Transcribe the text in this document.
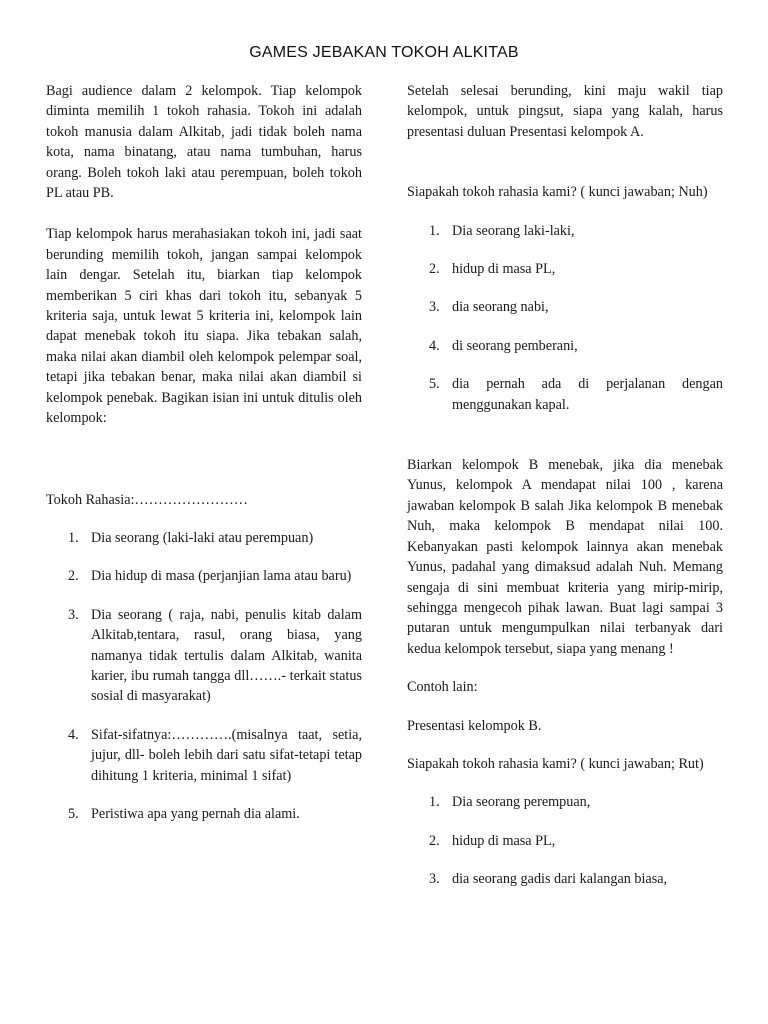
GAMES JEBAKAN TOKOH ALKITAB

Bagi audience dalam 2 kelompok. Tiap kelompok diminta memilih 1 tokoh rahasia. Tokoh ini adalah tokoh manusia dalam Alkitab, jadi tidak boleh nama kota, nama binatang, atau nama tumbuhan, harus orang. Boleh tokoh laki atau perempuan, boleh tokoh PL atau PB.

Tiap kelompok harus merahasiakan tokoh ini, jadi saat berunding memilih tokoh, jangan sampai kelompok lain dengar. Setelah itu, biarkan tiap kelompok memberikan 5 ciri khas dari tokoh itu, sebanyak 5 kriteria saja, untuk lewat 5 kriteria ini, kelompok lain dapat menebak tokoh itu siapa. Jika tebakan salah, maka nilai akan diambil oleh kelompok pelempar soal, tetapi jika tebakan benar, maka nilai akan diambil si kelompok penebak. Bagikan isian ini untuk ditulis oleh kelompok:

Tokoh Rahasia:……………………

1. Dia seorang (laki-laki atau perempuan)
2. Dia hidup di masa (perjanjian lama atau baru)
3. Dia seorang ( raja, nabi, penulis kitab dalam Alkitab,tentara, rasul, orang biasa, yang namanya tidak tertulis dalam Alkitab, wanita karier, ibu rumah tangga dll…….- terkait status sosial di masyarakat)
4. Sifat-sifatnya:………….(misalnya taat, setia, jujur, dll- boleh lebih dari satu sifat-tetapi tetap dihitung 1 kriteria, minimal 1 sifat)
5. Peristiwa apa yang pernah dia alami.

Setelah selesai berunding, kini maju wakil tiap kelompok, untuk pingsut, siapa yang kalah, harus presentasi duluan Presentasi kelompok A.

Siapakah tokoh rahasia kami? ( kunci jawaban; Nuh)

1. Dia seorang laki-laki,
2. hidup di masa PL,
3. dia seorang nabi,
4. di seorang pemberani,
5. dia pernah ada di perjalanan dengan menggunakan kapal.

Biarkan kelompok B menebak, jika dia menebak Yunus, kelompok A mendapat nilai 100 , karena jawaban kelompok B salah Jika kelompok B menebak Nuh, maka kelompok B mendapat nilai 100. Kebanyakan pasti kelompok lainnya akan menebak Yunus, padahal yang dimaksud adalah Nuh. Memang sengaja di sini membuat kriteria yang mirip-mirip, sehingga mengecoh pihak lawan. Buat lagi sampai 3 putaran untuk mengumpulkan nilai terbanyak dari kedua kelompok tersebut, siapa yang menang !

Contoh lain:

Presentasi kelompok B.

Siapakah tokoh rahasia kami? ( kunci jawaban; Rut)

1. Dia seorang perempuan,
2. hidup di masa PL,
3. dia seorang gadis dari kalangan biasa,
